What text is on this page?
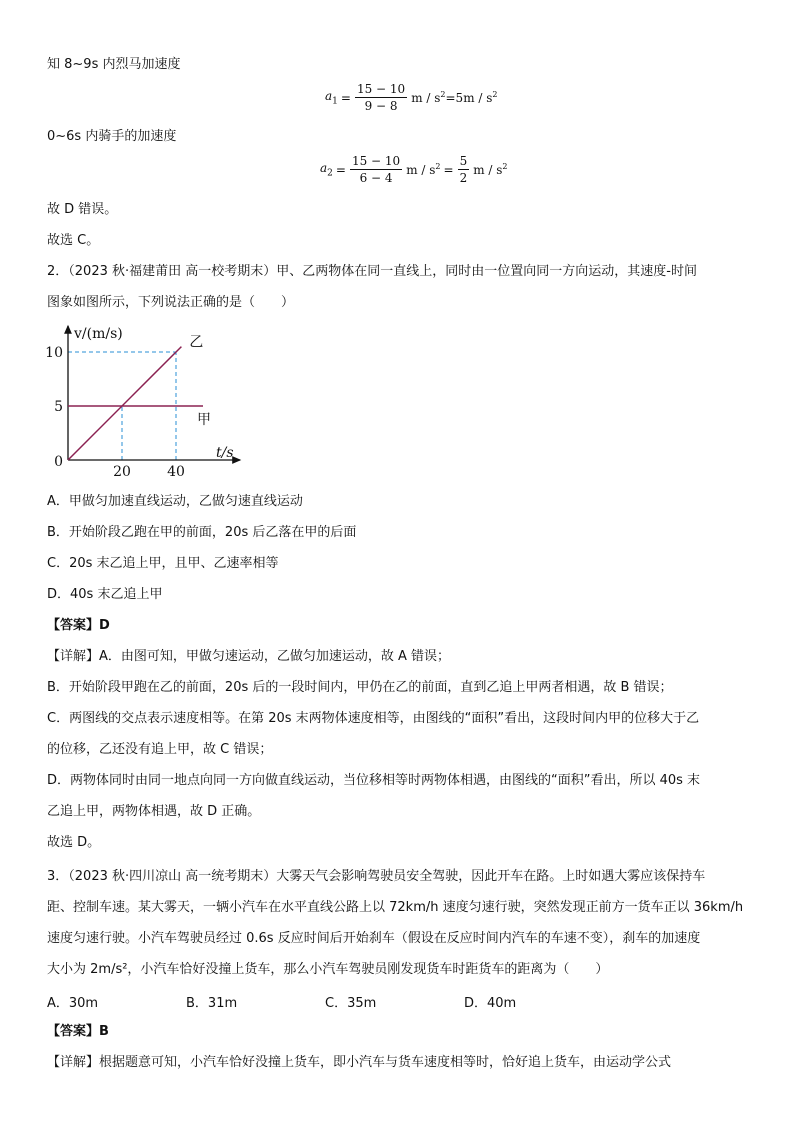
知 8~9s 内烈马加速度
$a_1 = \frac{15 - 10}{9 - 8}$ $m / s^2=5m / s^2$
0~6s 内骑手的加速度
$a_2 = \frac{15 - 10}{6 - 4}$ $m / s^2 = \frac{5}{2}$ m / $s^2$
故 D 错误。
故选 C。
2．（2023 秋·福建莆田 高一校考期末）甲、乙两物体在同一直线上，同时由一位置向同一方向运动，其速度-时间
图象如图所示，下列说法正确的是（　　）
甲
乙
v/(m/s)
t/s
20	40
5
10
0
A．甲做匀加速直线运动，乙做匀速直线运动
B．开始阶段乙跑在甲的前面，20s 后乙落在甲的后面
C．20s 末乙追上甲，且甲、乙速率相等
D．40s 末乙追上甲
【答案】D
【详解】A．由图可知，甲做匀速运动，乙做匀加速运动，故 A 错误；
B．开始阶段甲跑在乙的前面，20s 后的一段时间内，甲仍在乙的前面，直到乙追上甲两者相遇，故 B 错误；
C．两图线的交点表示速度相等。在第 20s 末两物体速度相等，由图线的“面积”看出，这段时间内甲的位移大于乙
的位移，乙还没有追上甲，故 C 错误；
D．两物体同时由同一地点向同一方向做直线运动，当位移相等时两物体相遇，由图线的“面积”看出，所以 40s 末
乙追上甲，两物体相遇，故 D 正确。
故选 D。
3．（2023 秋·四川凉山 高一统考期末）大雾天气会影响驾驶员安全驾驶，因此开车在路。上时如遇大雾应该保持车
距、控制车速。某大雾天，一辆小汽车在水平直线公路上以 72km/h 速度匀速行驶，突然发现正前方一货车正以 36km/h
速度匀速行驶。小汽车驾驶员经过 0.6s 反应时间后开始刹车（假设在反应时间内汽车的车速不变），刹车的加速度
大小为 2m/s²，小汽车恰好没撞上货车，那么小汽车驾驶员刚发现货车时距货车的距离为（　　）
A．30m	B．31m	C．35m	D．40m
【答案】B
【详解】根据题意可知，小汽车恰好没撞上货车，即小汽车与货车速度相等时，恰好追上货车，由运动学公式
